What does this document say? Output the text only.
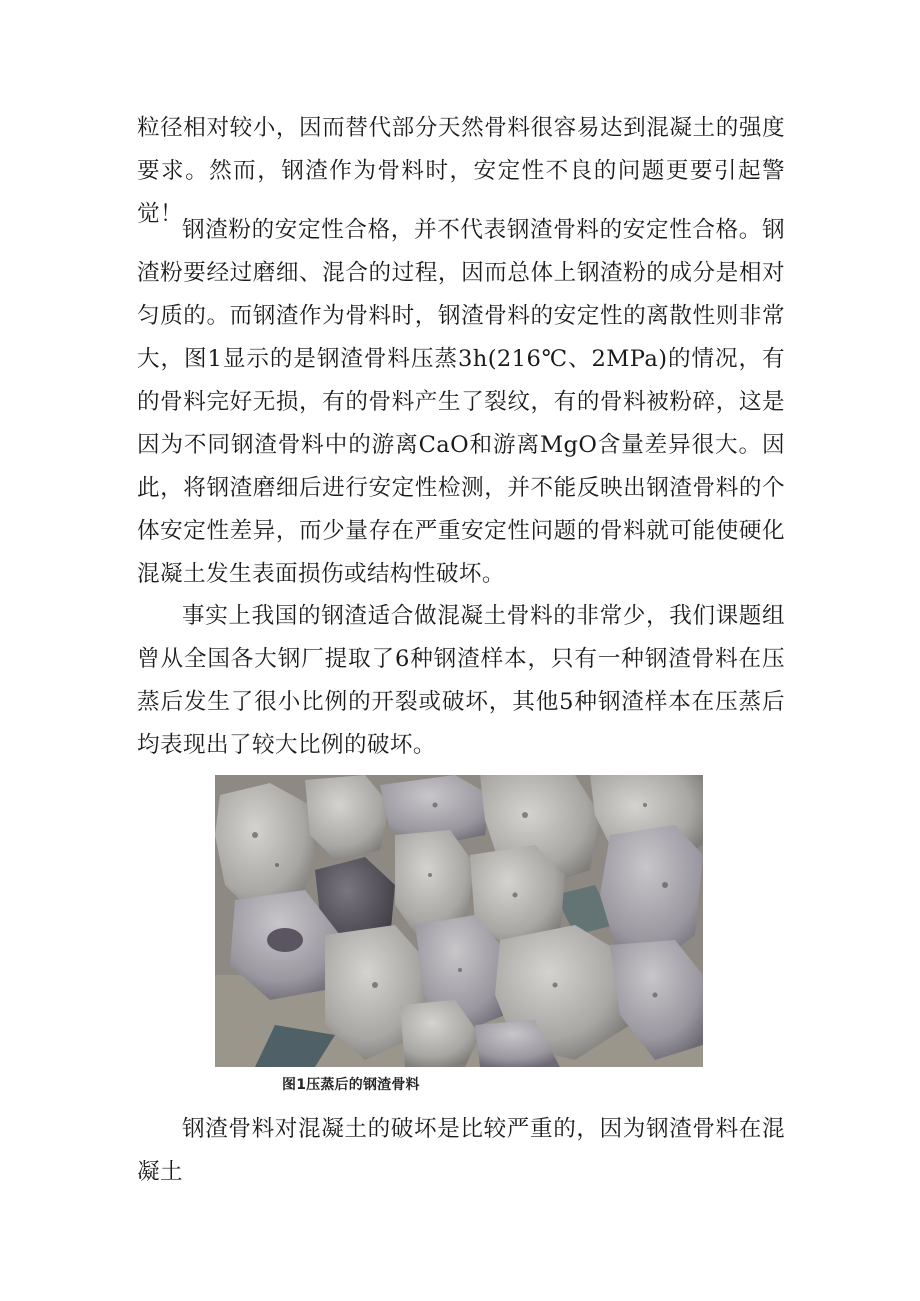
粒径相对较小，因而替代部分天然骨料很容易达到混凝土的强度要求。然而，钢渣作为骨料时，安定性不良的问题更要引起警觉！

钢渣粉的安定性合格，并不代表钢渣骨料的安定性合格。钢渣粉要经过磨细、混合的过程，因而总体上钢渣粉的成分是相对匀质的。而钢渣作为骨料时，钢渣骨料的安定性的离散性则非常大，图1显示的是钢渣骨料压蒸3h(216℃、2MPa)的情况，有的骨料完好无损，有的骨料产生了裂纹，有的骨料被粉碎，这是因为不同钢渣骨料中的游离CaO和游离MgO含量差异很大。因此，将钢渣磨细后进行安定性检测，并不能反映出钢渣骨料的个体安定性差异，而少量存在严重安定性问题的骨料就可能使硬化混凝土发生表面损伤或结构性破坏。

事实上我国的钢渣适合做混凝土骨料的非常少，我们课题组曾从全国各大钢厂提取了6种钢渣样本，只有一种钢渣骨料在压蒸后发生了很小比例的开裂或破坏，其他5种钢渣样本在压蒸后均表现出了较大比例的破坏。

图1压蒸后的钢渣骨料

钢渣骨料对混凝土的破坏是比较严重的，因为钢渣骨料在混凝土
